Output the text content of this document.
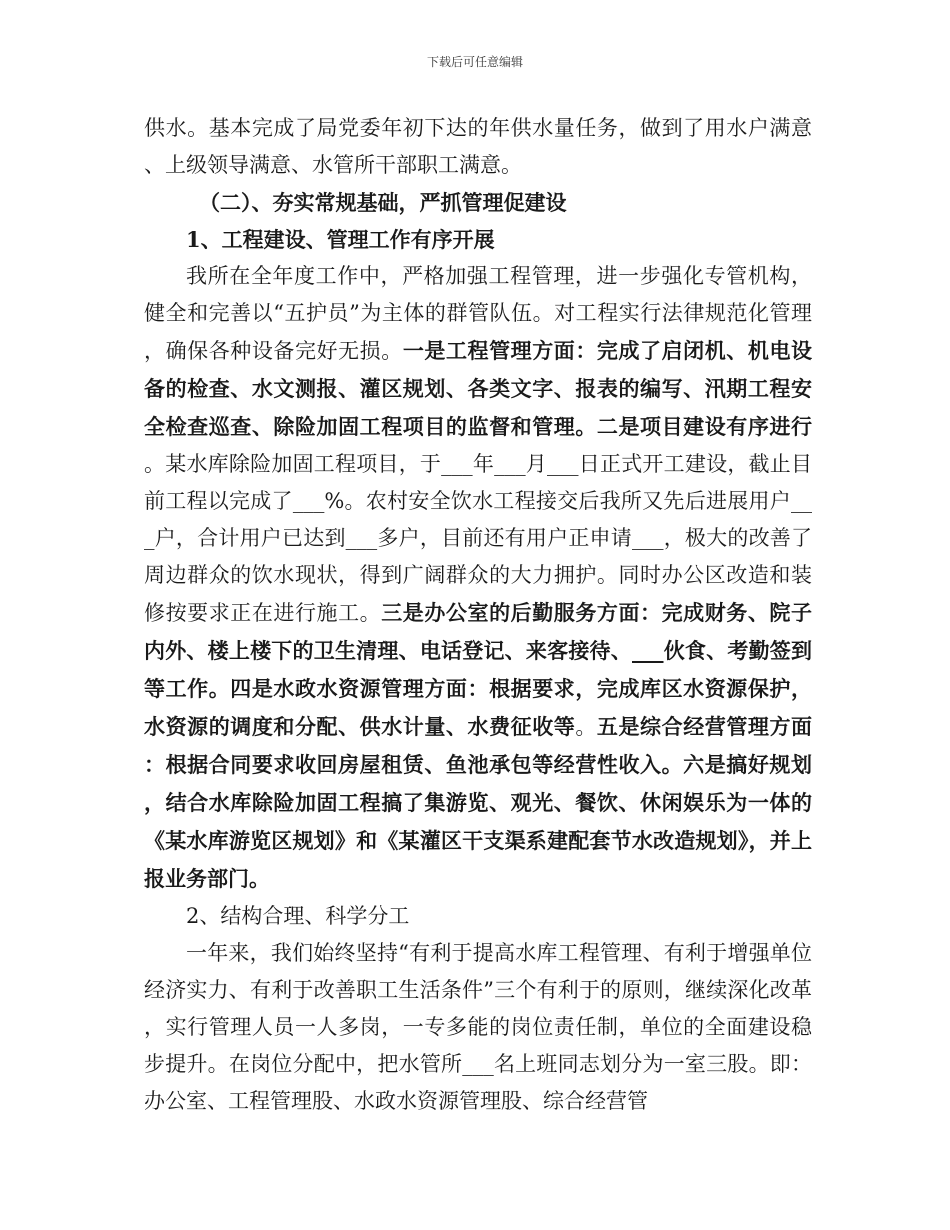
下载后可任意编辑

供水。基本完成了局党委年初下达的年供水量任务，做到了用水户满意、上级领导满意、水管所干部职工满意。

（二）、夯实常规基础，严抓管理促建设

1、工程建设、管理工作有序开展

我所在全年度工作中，严格加强工程管理，进一步强化专管机构，健全和完善以“五护员”为主体的群管队伍。对工程实行法律规范化管理，确保各种设备完好无损。一是工程管理方面：完成了启闭机、机电设备的检查、水文测报、灌区规划、各类文字、报表的编写、汛期工程安全检查巡查、除险加固工程项目的监督和管理。二是项目建设有序进行。某水库除险加固工程项目，于___年___月___日正式开工建设，截止目前工程以完成了___%。农村安全饮水工程接交后我所又先后进展用户___户，合计用户已达到___多户，目前还有用户正申请___，极大的改善了周边群众的饮水现状，得到广阔群众的大力拥护。同时办公区改造和装修按要求正在进行施工。三是办公室的后勤服务方面：完成财务、院子内外、楼上楼下的卫生清理、电话登记、来客接待、___伙食、考勤签到等工作。四是水政水资源管理方面：根据要求，完成库区水资源保护，水资源的调度和分配、供水计量、水费征收等。五是综合经营管理方面：根据合同要求收回房屋租赁、鱼池承包等经营性收入。六是搞好规划，结合水库除险加固工程搞了集游览、观光、餐饮、休闲娱乐为一体的《某水库游览区规划》和《某灌区干支渠系建配套节水改造规划》，并上报业务部门。

2、结构合理、科学分工

一年来，我们始终坚持“有利于提高水库工程管理、有利于增强单位经济实力、有利于改善职工生活条件”三个有利于的原则，继续深化改革，实行管理人员一人多岗，一专多能的岗位责任制，单位的全面建设稳步提升。在岗位分配中，把水管所___名上班同志划分为一室三股。即：办公室、工程管理股、水政水资源管理股、综合经营管
